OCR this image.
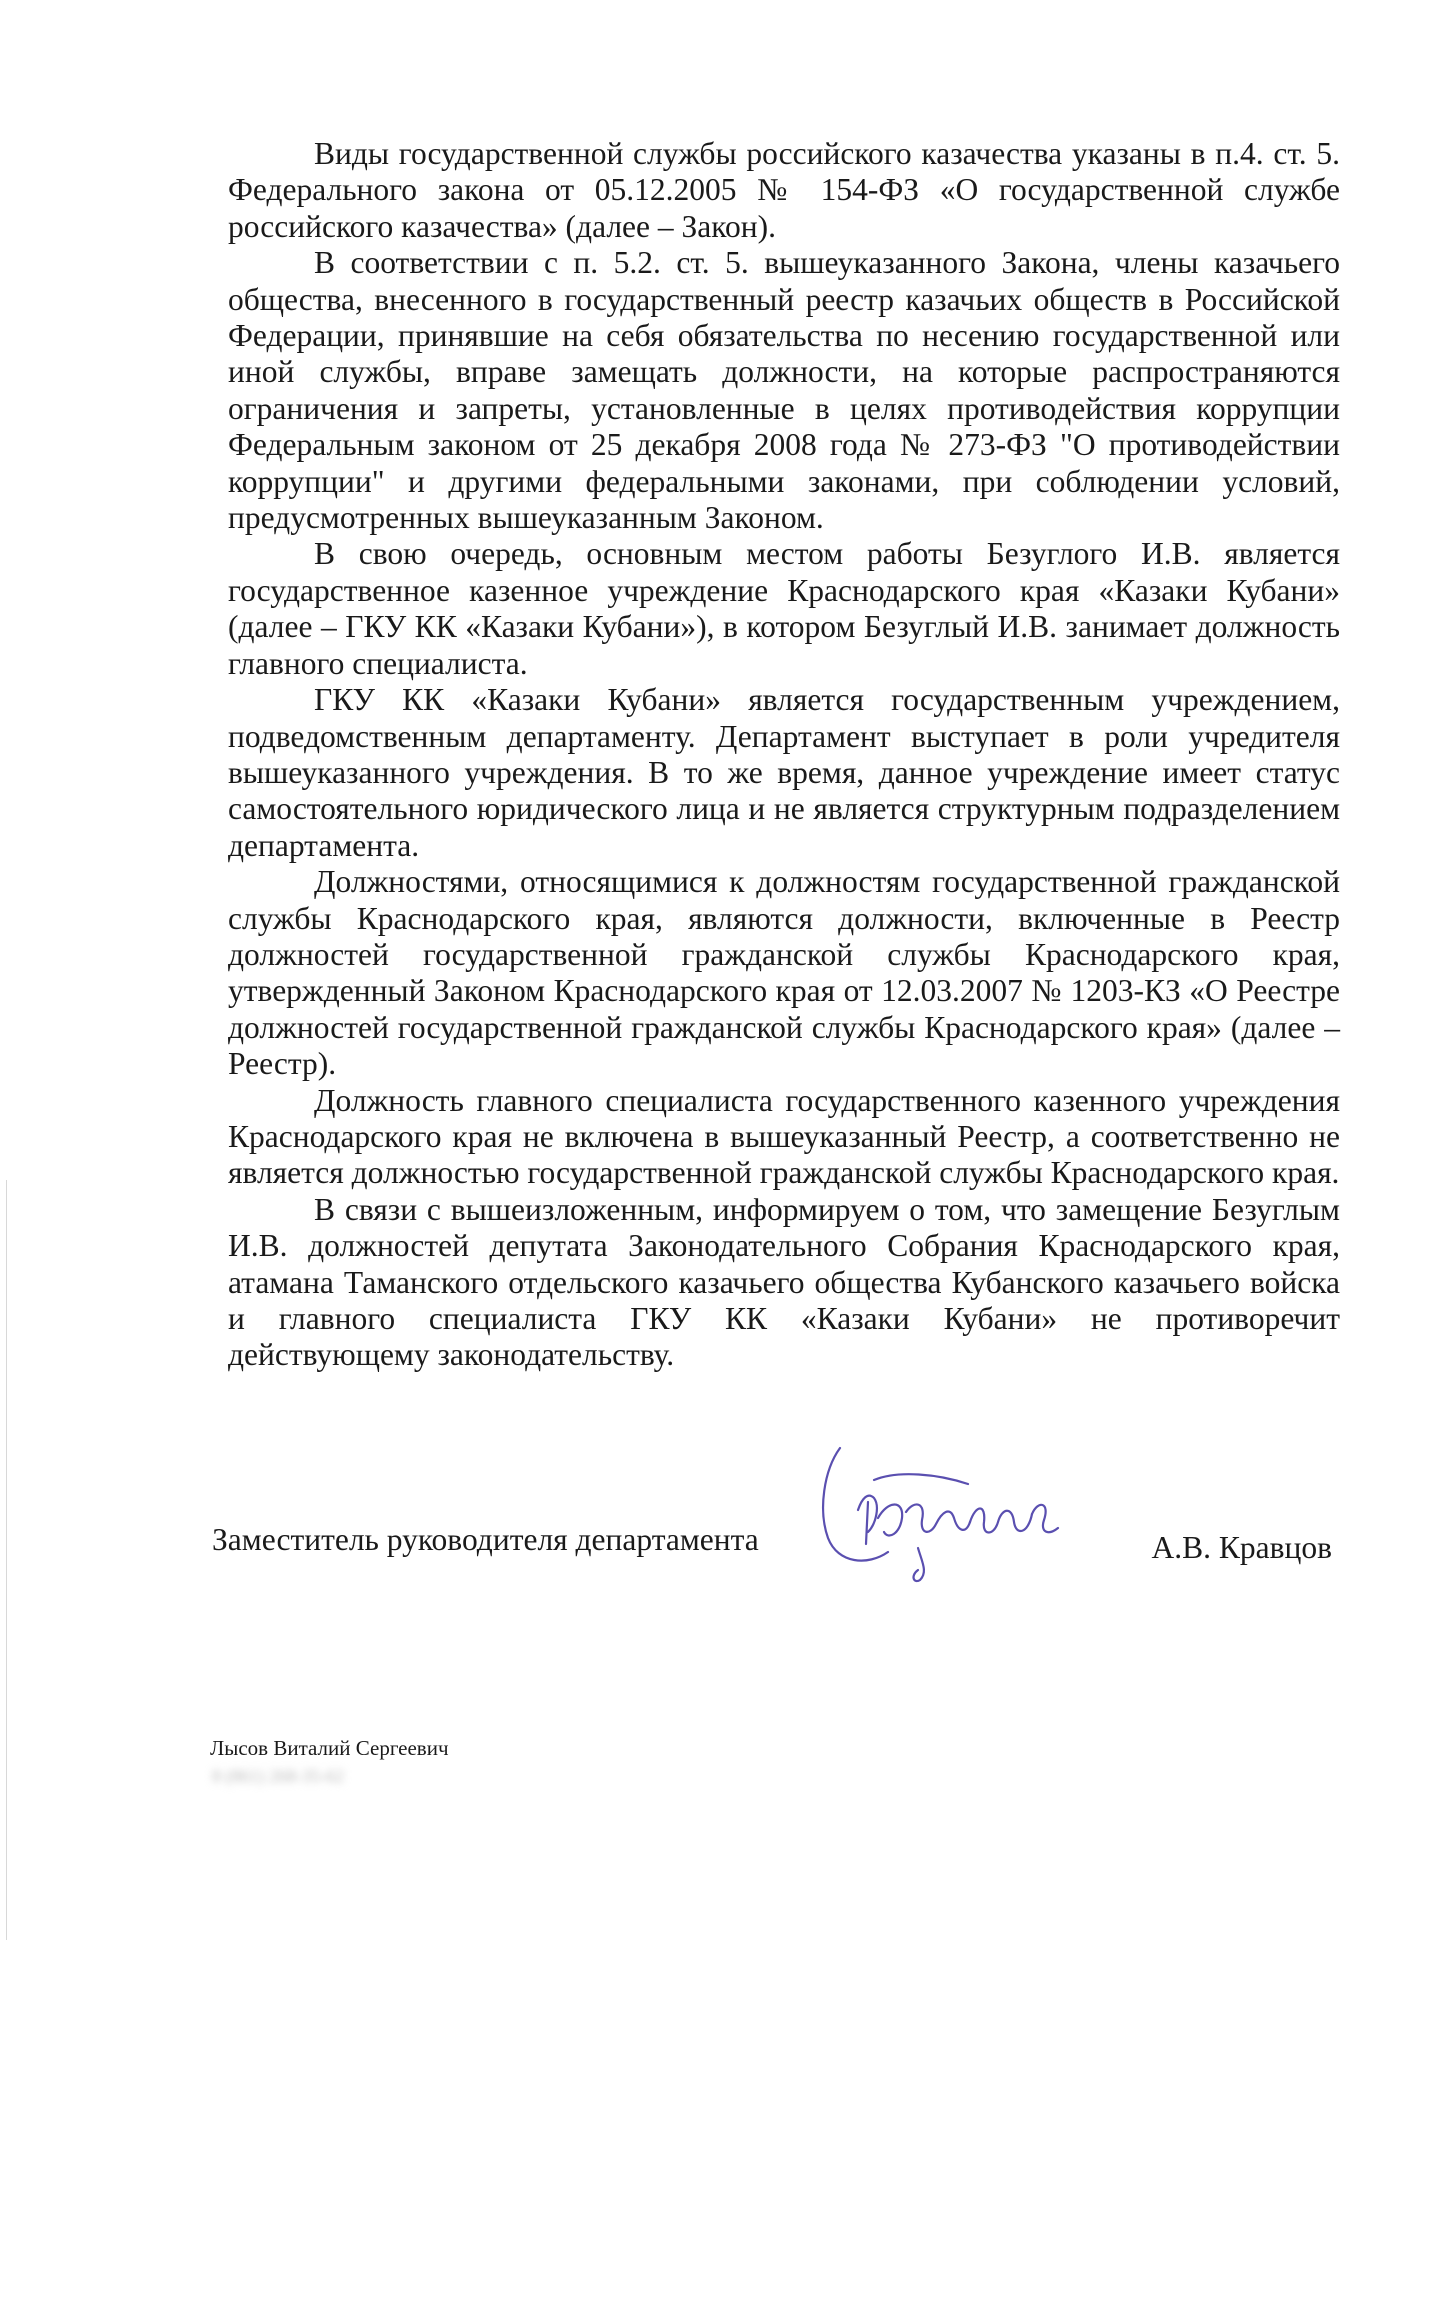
Виды государственной службы российского казачества указаны в п.4. ст. 5. Федерального закона от 05.12.2005 № 154-ФЗ «О государственной службе российского казачества» (далее – Закон).

В соответствии с п. 5.2. ст. 5. вышеуказанного Закона, члены казачьего общества, внесенного в государственный реестр казачьих обществ в Российской Федерации, принявшие на себя обязательства по несению государственной или иной службы, вправе замещать должности, на которые распространяются ограничения и запреты, установленные в целях противодействия коррупции Федеральным законом от 25 декабря 2008 года № 273-ФЗ "О противодействии коррупции" и другими федеральными законами, при соблюдении условий, предусмотренных вышеуказанным Законом.

В свою очередь, основным местом работы Безуглого И.В. является государственное казенное учреждение Краснодарского края «Казаки Кубани» (далее – ГКУ КК «Казаки Кубани»), в котором Безуглый И.В. занимает должность главного специалиста.

ГКУ КК «Казаки Кубани» является государственным учреждением, подведомственным департаменту. Департамент выступает в роли учредителя вышеуказанного учреждения. В то же время, данное учреждение имеет статус самостоятельного юридического лица и не является структурным подразделением департамента.

Должностями, относящимися к должностям государственной гражданской службы Краснодарского края, являются должности, включенные в Реестр должностей государственной гражданской службы Краснодарского края, утвержденный Законом Краснодарского края от 12.03.2007 № 1203-КЗ «О Реестре должностей государственной гражданской службы Краснодарского края» (далее – Реестр).

Должность главного специалиста государственного казенного учреждения Краснодарского края не включена в вышеуказанный Реестр, а соответственно не является должностью государственной гражданской службы Краснодарского края.

В связи с вышеизложенным, информируем о том, что замещение Безуглым И.В. должностей депутата Законодательного Собрания Краснодарского края, атамана Таманского отдельского казачьего общества Кубанского казачьего войска и главного специалиста ГКУ КК «Казаки Кубани» не противоречит действующему законодательству.

Заместитель руководителя департамента	А.В. Кравцов
Лысов Виталий Сергеевич
8 (861) 268-35-62
